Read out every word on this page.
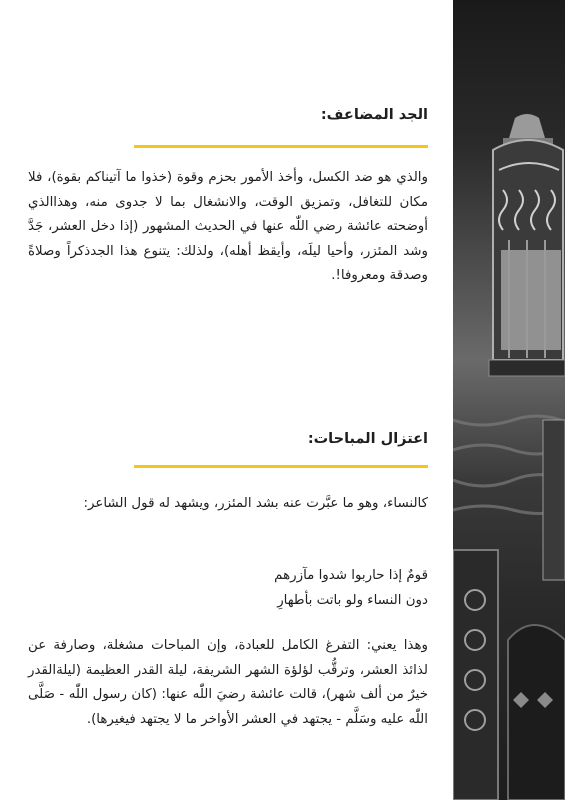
الجد المضاعف:
والذي هو ضد الكسل، وأخذ الأمور بحزم وقوة (خذوا ما آتيناكم بقوة)، فلا مكان للتغافل، وتمزيق الوقت، والانشغال بما لا جدوى منه، وهذاالذي أوضحته عائشة رضي اللّٰه عنها في الحديث المشهور (إذا دخل العشر، جَدَّ وشد المئزر، وأحيا ليلَه، وأيقظ أهله)، ولذلك: يتنوع هذا الجدذكراً وصلاةً وصدقة ومعروفا!.
اعتزال المباحات:
كالنساء، وهو ما عبَّرت عنه بشد المئزر، ويشهد له قول الشاعر:
قومٌ إذا حاربوا شدوا مآزرهم
دون النساء ولو باتت بأطهارِ
وهذا يعني: التفرغ الكامل للعبادة، وإن المباحات مشغلة، وصارفة عن لذائذ العشر، وترقُّب لؤلؤة الشهر الشريفة، ليلة القدر العظيمة (ليلةالقدر خيرٌ من ألف شهر)، قالت عائشة رضيَ اللّٰه عنها: (كان رسول اللّٰه - صَلَّى اللّٰه عليه وسَلَّم - يجتهد في العشر الأواخر ما لا يجتهد فيغيرها).
